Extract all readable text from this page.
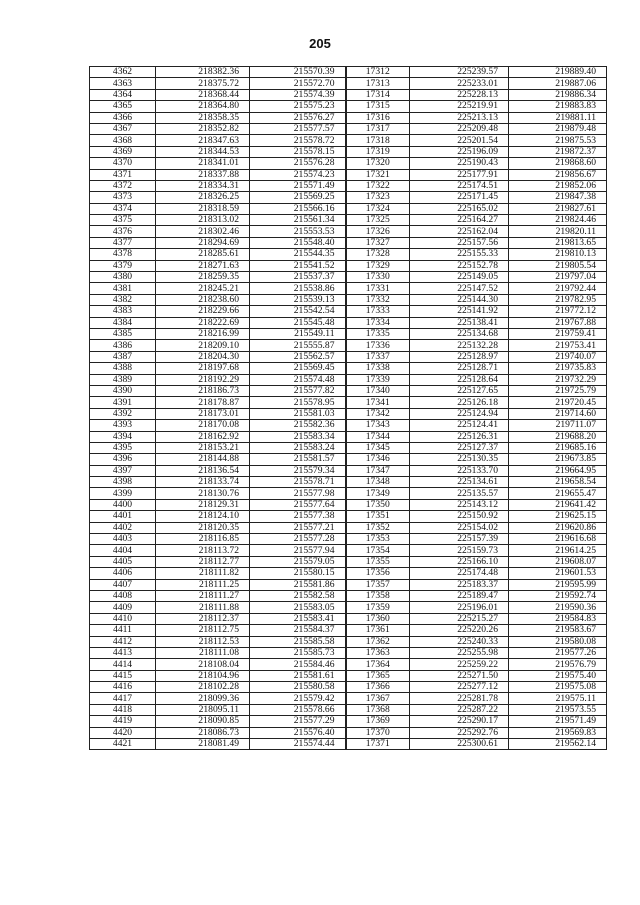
205
4362	218382.36	215570.39	17312	225239.57	219889.40
4363	218375.72	215572.70	17313	225233.01	219887.06
4364	218368.44	215574.39	17314	225228.13	219886.34
4365	218364.80	215575.23	17315	225219.91	219883.83
4366	218358.35	215576.27	17316	225213.13	219881.11
4367	218352.82	215577.57	17317	225209.48	219879.48
4368	218347.63	215578.72	17318	225201.54	219875.53
4369	218344.53	215578.15	17319	225196.09	219872.37
4370	218341.01	215576.28	17320	225190.43	219868.60
4371	218337.88	215574.23	17321	225177.91	219856.67
4372	218334.31	215571.49	17322	225174.51	219852.06
4373	218326.25	215569.25	17323	225171.45	219847.38
4374	218318.59	215566.16	17324	225165.02	219827.61
4375	218313.02	215561.34	17325	225164.27	219824.46
4376	218302.46	215553.53	17326	225162.04	219820.11
4377	218294.69	215548.40	17327	225157.56	219813.65
4378	218285.61	215544.35	17328	225155.33	219810.13
4379	218271.63	215541.52	17329	225152.78	219805.54
4380	218259.35	215537.37	17330	225149.05	219797.04
4381	218245.21	215538.86	17331	225147.52	219792.44
4382	218238.60	215539.13	17332	225144.30	219782.95
4383	218229.66	215542.54	17333	225141.92	219772.12
4384	218222.69	215545.48	17334	225138.41	219767.88
4385	218216.99	215549.11	17335	225134.68	219759.41
4386	218209.10	215555.87	17336	225132.28	219753.41
4387	218204.30	215562.57	17337	225128.97	219740.07
4388	218197.68	215569.45	17338	225128.71	219735.83
4389	218192.29	215574.48	17339	225128.64	219732.29
4390	218186.73	215577.82	17340	225127.65	219725.79
4391	218178.87	215578.95	17341	225126.18	219720.45
4392	218173.01	215581.03	17342	225124.94	219714.60
4393	218170.08	215582.36	17343	225124.41	219711.07
4394	218162.92	215583.34	17344	225126.31	219688.20
4395	218153.21	215583.24	17345	225127.37	219685.16
4396	218144.88	215581.57	17346	225130.35	219673.85
4397	218136.54	215579.34	17347	225133.70	219664.95
4398	218133.74	215578.71	17348	225134.61	219658.54
4399	218130.76	215577.98	17349	225135.57	219655.47
4400	218129.31	215577.64	17350	225143.12	219641.42
4401	218124.10	215577.38	17351	225150.92	219625.15
4402	218120.35	215577.21	17352	225154.02	219620.86
4403	218116.85	215577.28	17353	225157.39	219616.68
4404	218113.72	215577.94	17354	225159.73	219614.25
4405	218112.77	215579.05	17355	225166.10	219608.07
4406	218111.82	215580.15	17356	225174.48	219601.53
4407	218111.25	215581.86	17357	225183.37	219595.99
4408	218111.27	215582.58	17358	225189.47	219592.74
4409	218111.88	215583.05	17359	225196.01	219590.36
4410	218112.37	215583.41	17360	225215.27	219584.83
4411	218112.75	215584.37	17361	225220.26	219583.67
4412	218112.53	215585.58	17362	225240.33	219580.08
4413	218111.08	215585.73	17363	225255.98	219577.26
4414	218108.04	215584.46	17364	225259.22	219576.79
4415	218104.96	215581.61	17365	225271.50	219575.40
4416	218102.28	215580.58	17366	225277.12	219575.08
4417	218099.36	215579.42	17367	225281.78	219575.11
4418	218095.11	215578.66	17368	225287.22	219573.55
4419	218090.85	215577.29	17369	225290.17	219571.49
4420	218086.73	215576.40	17370	225292.76	219569.83
4421	218081.49	215574.44	17371	225300.61	219562.14
